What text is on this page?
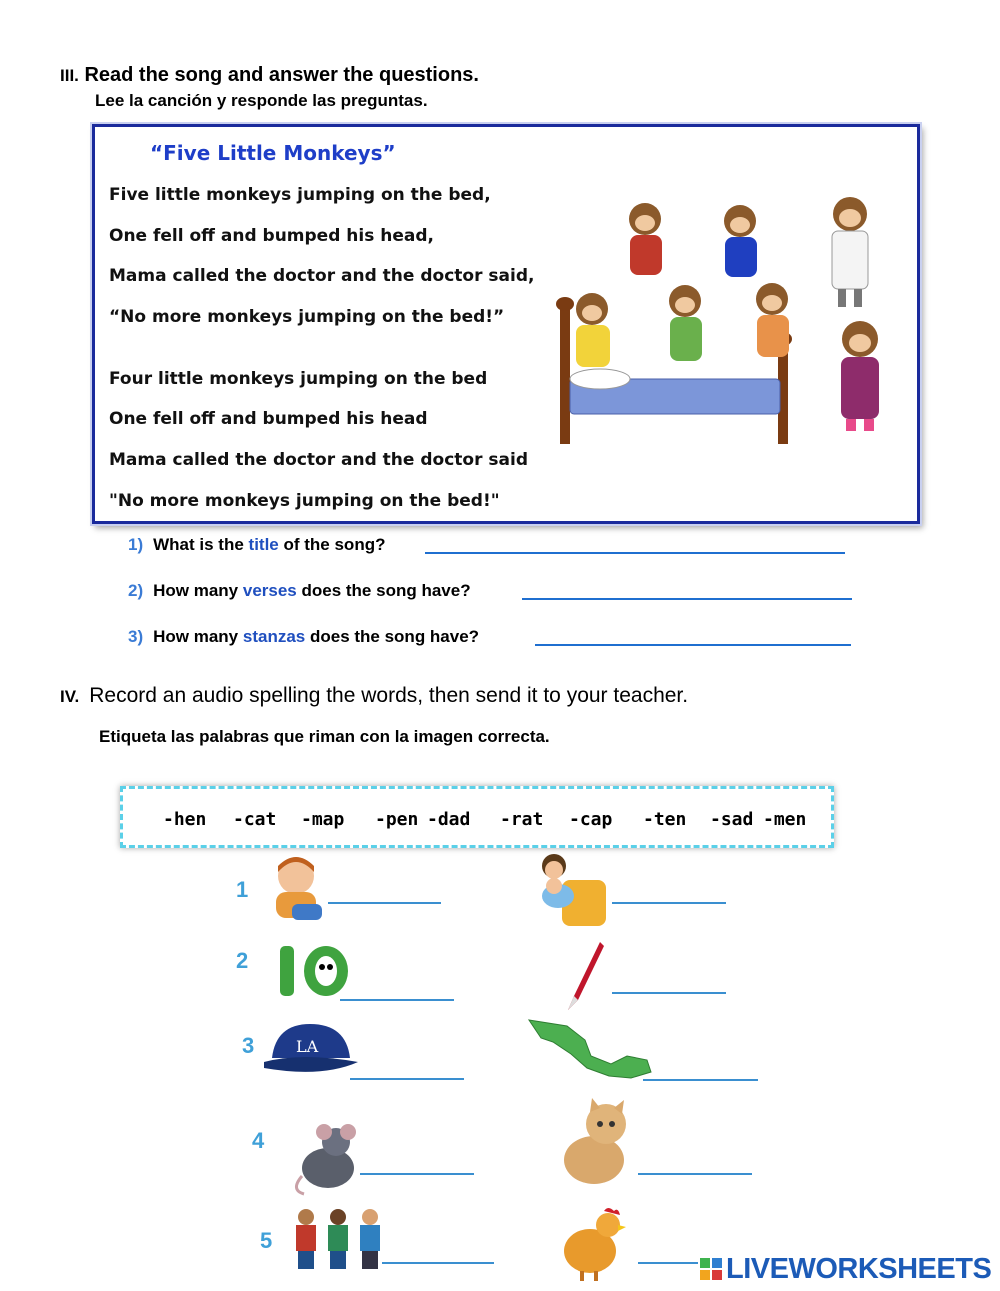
III. Read the song and answer the questions.
Lee la canción y responde las preguntas.
“Five Little Monkeys”
Five little monkeys jumping on the bed,
One fell off and bumped his head,
Mama called the doctor and the doctor said,
“No more monkeys jumping on the bed!”
Four little monkeys jumping on the bed
One fell off and bumped his head
Mama called the doctor and the doctor said
"No more monkeys jumping on the bed!"
1) What is the title of the song?
2) How many verses does the song have?
3) How many stanzas does the song have?
IV. Record an audio spelling the words, then send it to your teacher.
Etiqueta las palabras que riman con la imagen correcta.
-hen -cat -map -pen -dad -rat -cap -ten -sad -men
1
2
3
4
5
LA
LIVEWORKSHEETS
